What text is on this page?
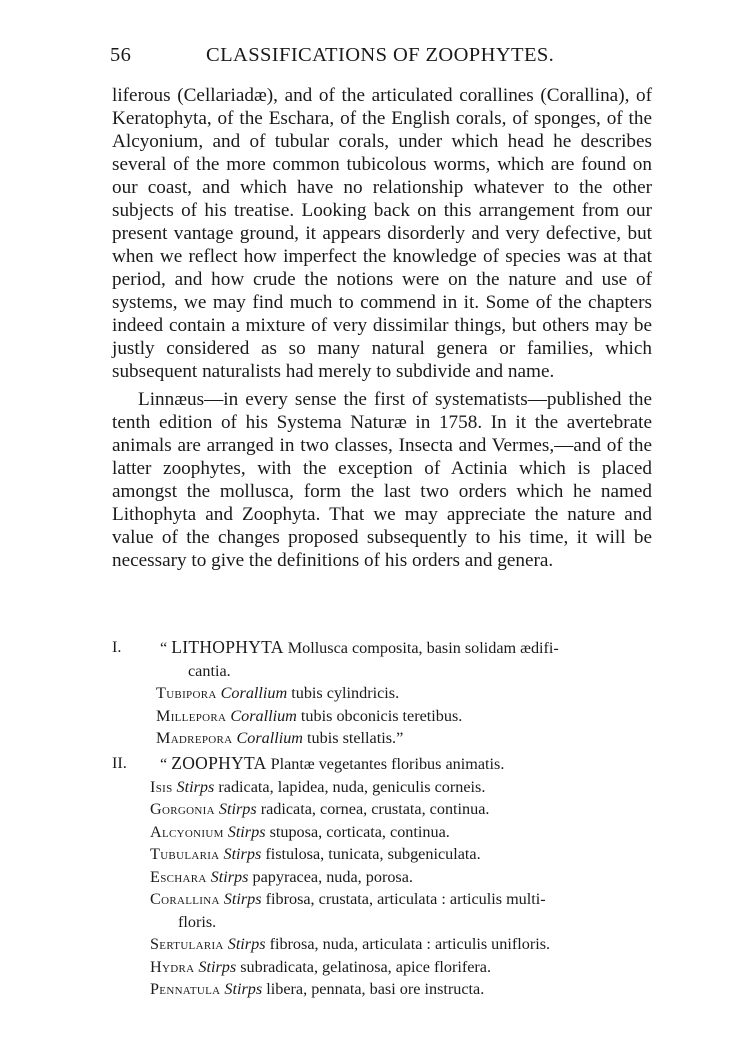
56	CLASSIFICATIONS OF ZOOPHYTES.

liferous (Cellariadæ), and of the articulated corallines (Corallina), of Keratophyta, of the Eschara, of the English corals, of sponges, of the Alcyonium, and of tubular corals, under which head he describes several of the more common tubicolous worms, which are found on our coast, and which have no relationship whatever to the other subjects of his treatise. Looking back on this arrangement from our present vantage ground, it appears disorderly and very defective, but when we reflect how imperfect the knowledge of species was at that period, and how crude the notions were on the nature and use of systems, we may find much to commend in it. Some of the chapters indeed contain a mixture of very dissimilar things, but others may be justly considered as so many natural genera or families, which subsequent naturalists had merely to subdivide and name.

Linnæus—in every sense the first of systematists—published the tenth edition of his Systema Naturæ in 1758. In it the avertebrate animals are arranged in two classes, Insecta and Vermes,—and of the latter zoophytes, with the exception of Actinia which is placed amongst the mollusca, form the last two orders which he named Lithophyta and Zoophyta. That we may appreciate the nature and value of the changes proposed subsequently to his time, it will be necessary to give the definitions of his orders and genera.

I. “ LITHOPHYTA Mollusca composita, basin solidam ædifi-
cantia.
Tubipora Corallium tubis cylindricis.
Millepora Corallium tubis obconicis teretibus.
Madrepora Corallium tubis stellatis.”
II. “ ZOOPHYTA Plantæ vegetantes floribus animatis.
Isis Stirps radicata, lapidea, nuda, geniculis corneis.
Gorgonia Stirps radicata, cornea, crustata, continua.
Alcyonium Stirps stuposa, corticata, continua.
Tubularia Stirps fistulosa, tunicata, subgeniculata.
Eschara Stirps papyracea, nuda, porosa.
Corallina Stirps fibrosa, crustata, articulata : articulis multi-
floris.
Sertularia Stirps fibrosa, nuda, articulata : articulis unifloris.
Hydra Stirps subradicata, gelatinosa, apice florifera.
Pennatula Stirps libera, pennata, basi ore instructa.
